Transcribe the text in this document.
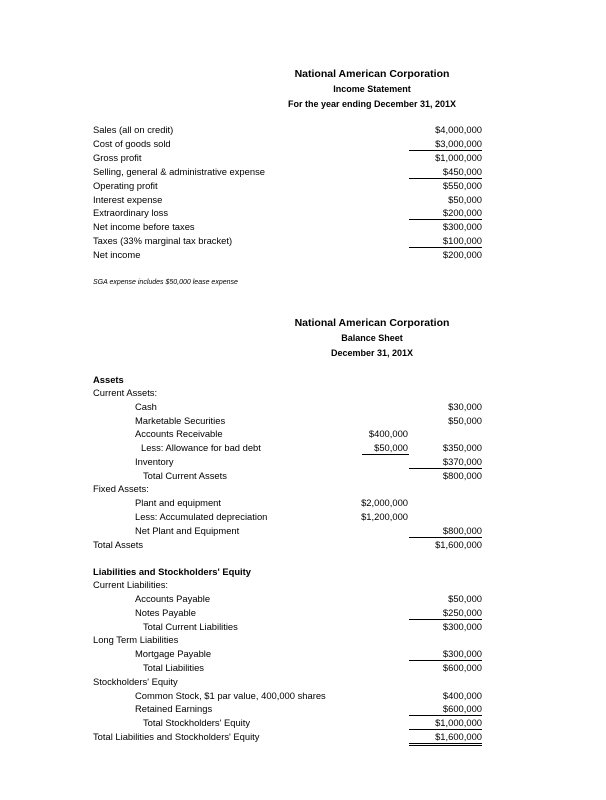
National American Corporation
Income Statement
For the year ending December 31, 201X
Sales (all on credit)	$4,000,000
Cost of goods sold	$3,000,000
Gross profit	$1,000,000
Selling, general & administrative expense	$450,000
Operating profit	$550,000
Interest expense	$50,000
Extraordinary loss	$200,000
Net income before taxes	$300,000
Taxes (33% marginal tax bracket)	$100,000
Net income	$200,000
SGA expense includes $50,000 lease expense
National American Corporation
Balance Sheet
December 31, 201X
Assets
Current Assets:
Cash	$30,000
Marketable Securities	$50,000
Accounts Receivable	$400,000
Less: Allowance for bad debt	$50,000	$350,000
Inventory	$370,000
Total Current Assets	$800,000
Fixed Assets:
Plant and equipment	$2,000,000
Less: Accumulated depreciation	$1,200,000
Net Plant and Equipment	$800,000
Total Assets	$1,600,000
Liabilities and Stockholders' Equity
Current Liabilities:
Accounts Payable	$50,000
Notes Payable	$250,000
Total Current Liabilities	$300,000
Long Term Liabilities
Mortgage Payable	$300,000
Total Liabilities	$600,000
Stockholders' Equity
Common Stock, $1 par value, 400,000 shares	$400,000
Retained Earnings	$600,000
Total Stockholders' Equity	$1,000,000
Total Liabilities and Stockholders' Equity	$1,600,000
